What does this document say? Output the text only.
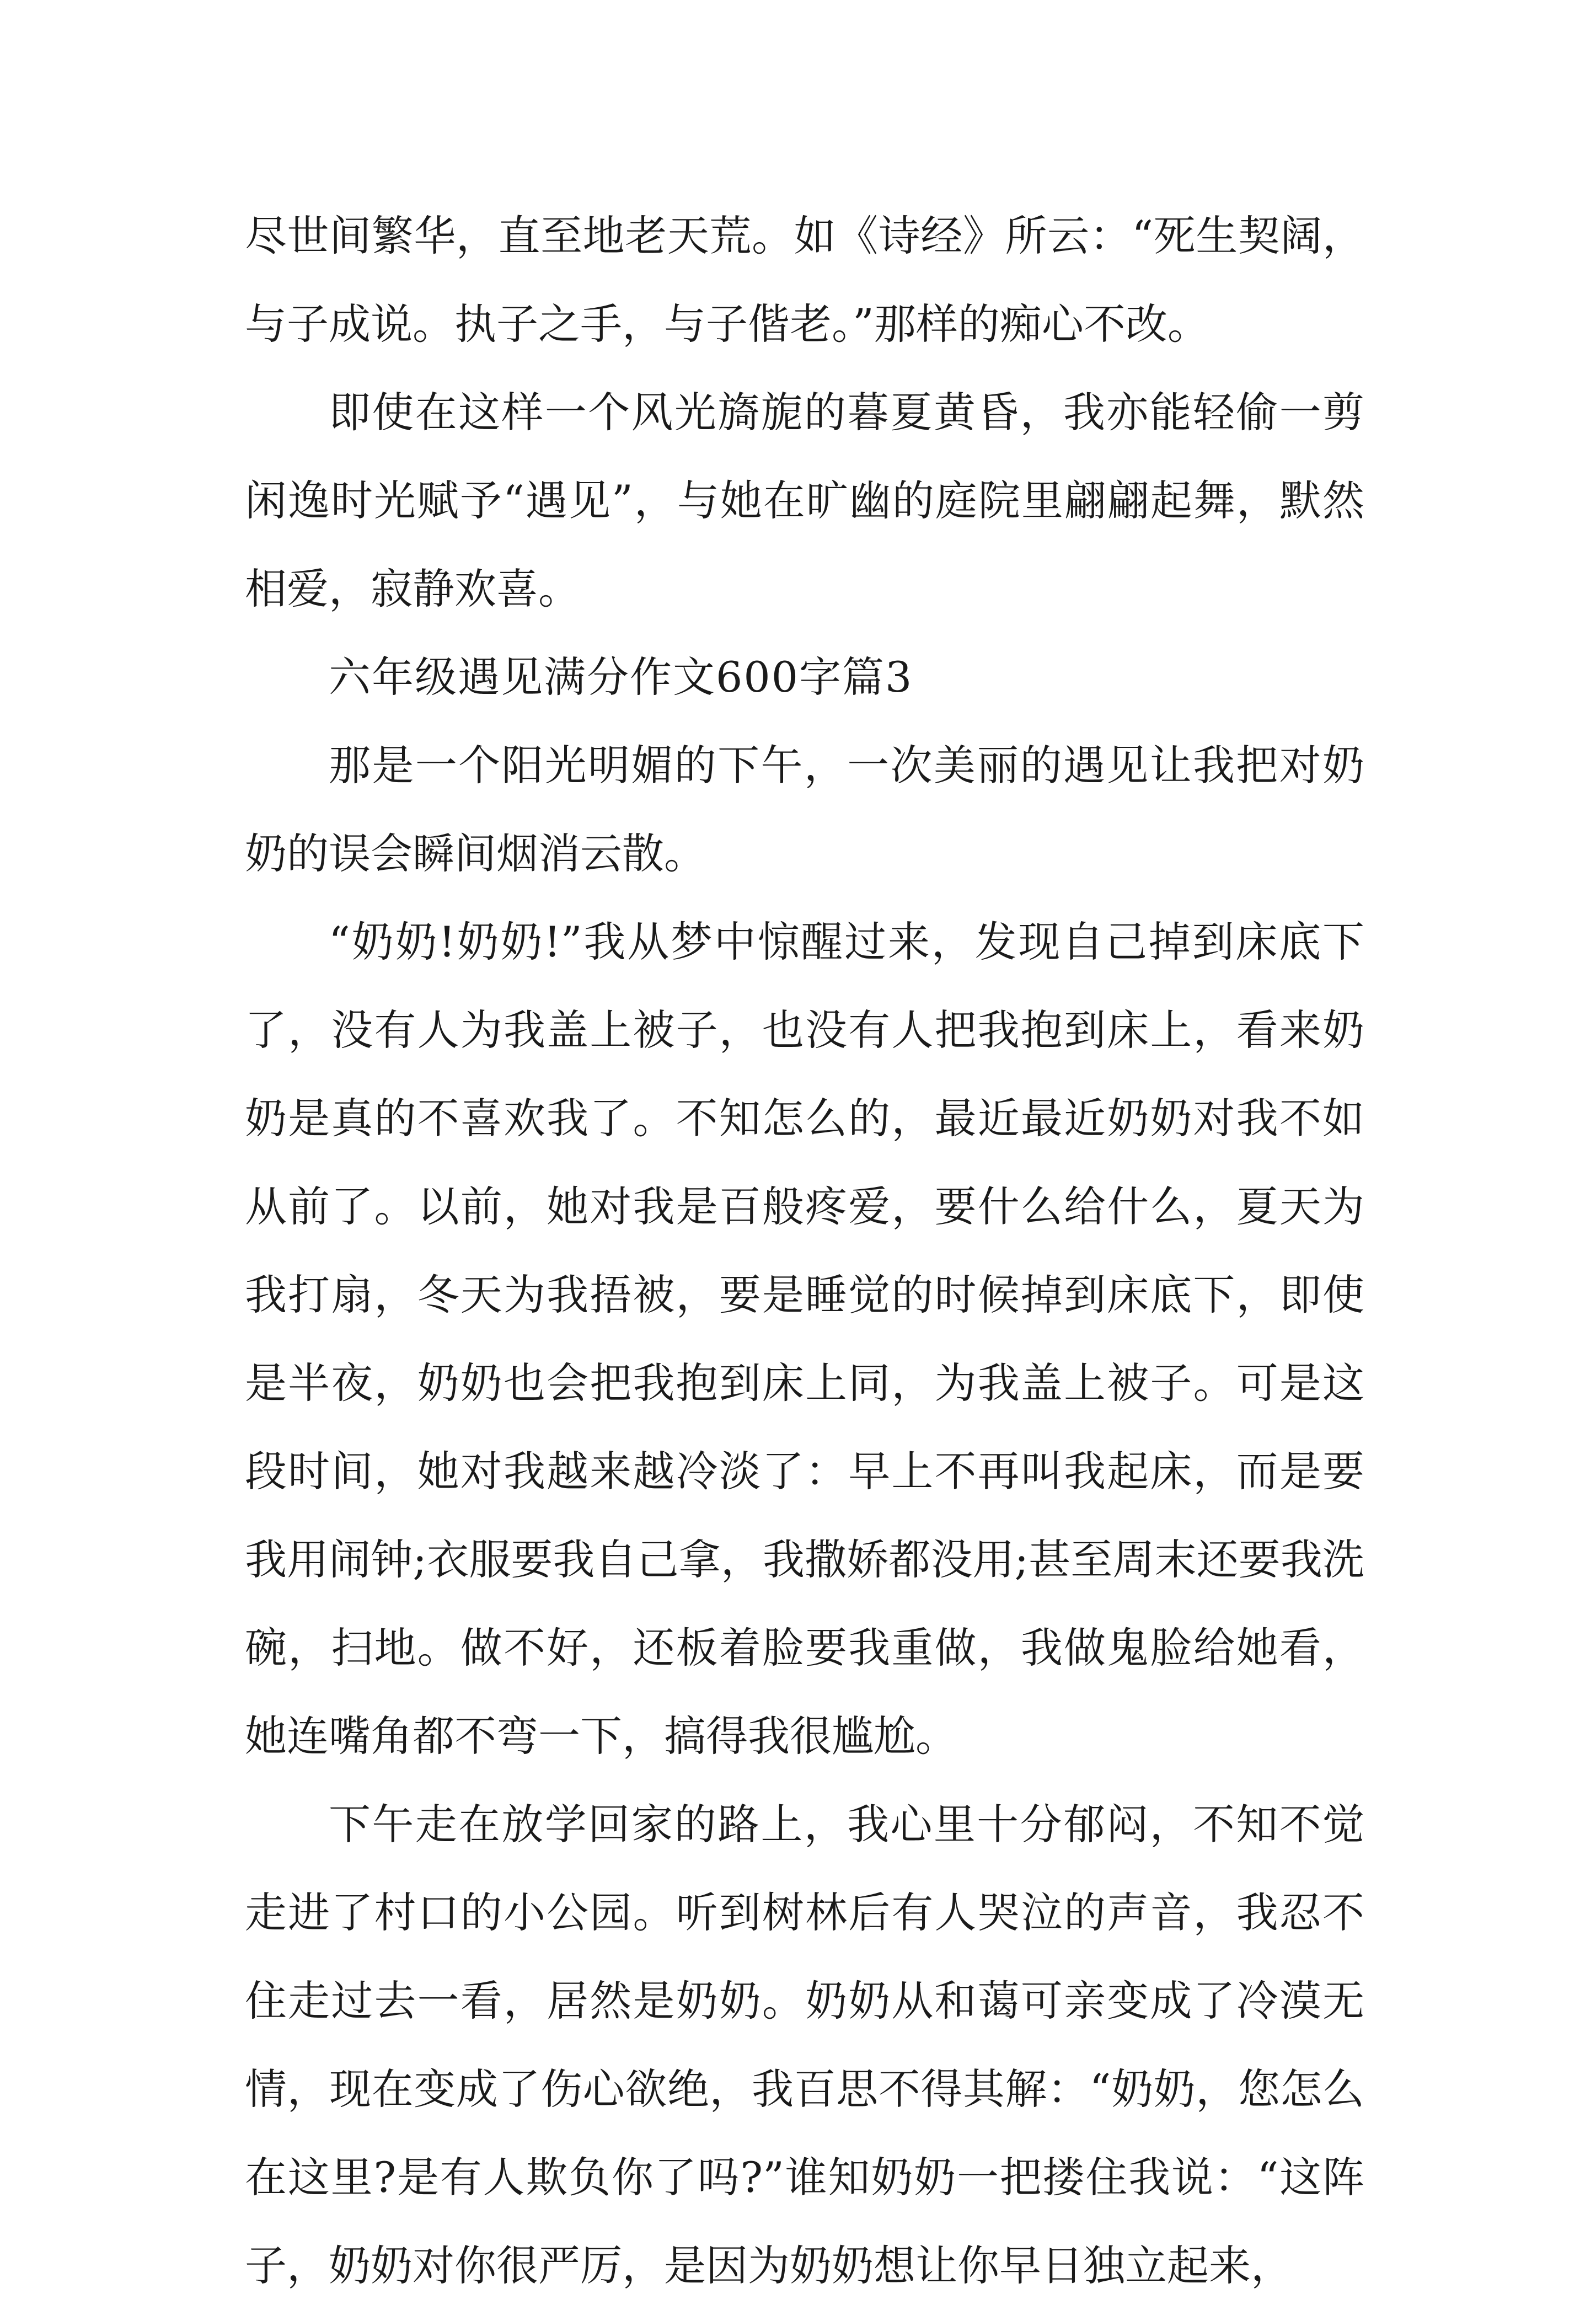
尽世间繁华，直至地老天荒。如《诗经》所云：“死生契阔，与子成说。执子之手，与子偕老。”那样的痴心不改。

即使在这样一个风光旖旎的暮夏黄昏，我亦能轻偷一剪闲逸时光赋予“遇见”，与她在旷幽的庭院里翩翩起舞，默然相爱，寂静欢喜。

六年级遇见满分作文600字篇3

那是一个阳光明媚的下午，一次美丽的遇见让我把对奶奶的误会瞬间烟消云散。

“奶奶!奶奶!”我从梦中惊醒过来，发现自己掉到床底下了，没有人为我盖上被子，也没有人把我抱到床上，看来奶奶是真的不喜欢我了。不知怎么的，最近最近奶奶对我不如从前了。以前，她对我是百般疼爱，要什么给什么，夏天为我打扇，冬天为我捂被，要是睡觉的时候掉到床底下，即使是半夜，奶奶也会把我抱到床上同，为我盖上被子。可是这段时间，她对我越来越冷淡了：早上不再叫我起床，而是要我用闹钟;衣服要我自己拿，我撒娇都没用;甚至周末还要我洗碗，扫地。做不好，还板着脸要我重做，我做鬼脸给她看，她连嘴角都不弯一下，搞得我很尴尬。

下午走在放学回家的路上，我心里十分郁闷，不知不觉走进了村口的小公园。听到树林后有人哭泣的声音，我忍不住走过去一看，居然是奶奶。奶奶从和蔼可亲变成了冷漠无情，现在变成了伤心欲绝，我百思不得其解：“奶奶，您怎么在这里?是有人欺负你了吗?”谁知奶奶一把搂住我说：“这阵子，奶奶对你很严厉，是因为奶奶想让你早日独立起来，
